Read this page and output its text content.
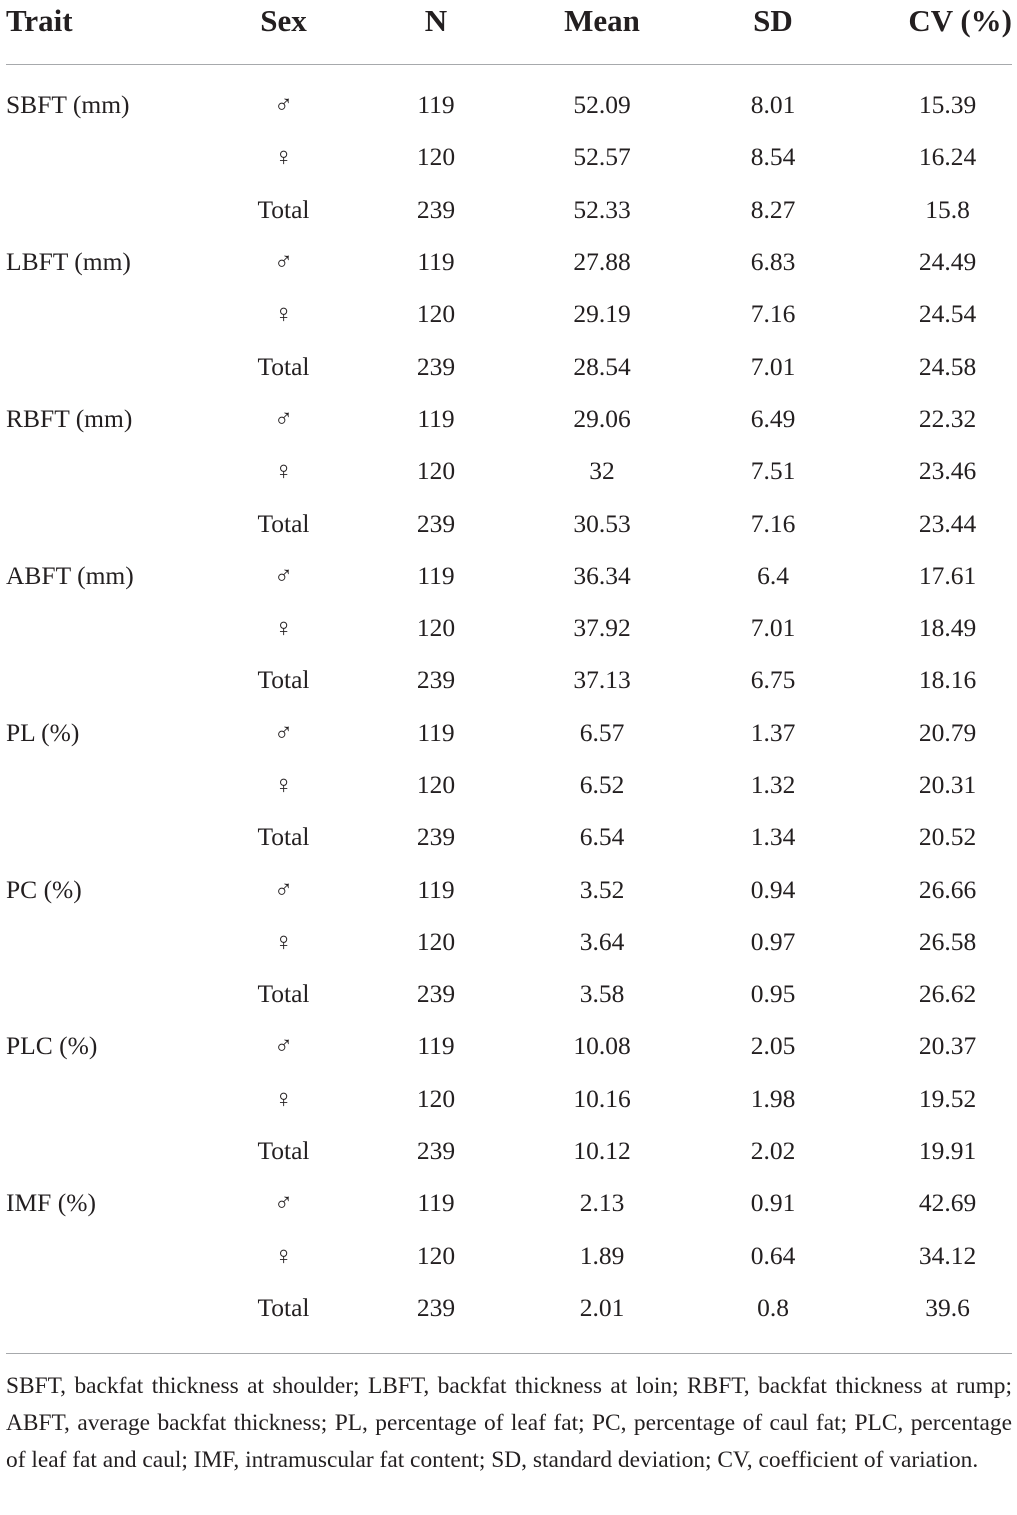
Trait	Sex	N	Mean	SD	CV (%)
SBFT (mm)	♂	119	52.09	8.01	15.39
	♀	120	52.57	8.54	16.24
	Total	239	52.33	8.27	15.8
LBFT (mm)	♂	119	27.88	6.83	24.49
	♀	120	29.19	7.16	24.54
	Total	239	28.54	7.01	24.58
RBFT (mm)	♂	119	29.06	6.49	22.32
	♀	120	32	7.51	23.46
	Total	239	30.53	7.16	23.44
ABFT (mm)	♂	119	36.34	6.4	17.61
	♀	120	37.92	7.01	18.49
	Total	239	37.13	6.75	18.16
PL (%)	♂	119	6.57	1.37	20.79
	♀	120	6.52	1.32	20.31
	Total	239	6.54	1.34	20.52
PC (%)	♂	119	3.52	0.94	26.66
	♀	120	3.64	0.97	26.58
	Total	239	3.58	0.95	26.62
PLC (%)	♂	119	10.08	2.05	20.37
	♀	120	10.16	1.98	19.52
	Total	239	10.12	2.02	19.91
IMF (%)	♂	119	2.13	0.91	42.69
	♀	120	1.89	0.64	34.12
	Total	239	2.01	0.8	39.6
SBFT, backfat thickness at shoulder; LBFT, backfat thickness at loin; RBFT, backfat thickness at rump; ABFT, average backfat thickness; PL, percentage of leaf fat; PC, percentage of caul fat; PLC, percentage of leaf fat and caul; IMF, intramuscular fat content; SD, standard deviation; CV, coefficient of variation.
